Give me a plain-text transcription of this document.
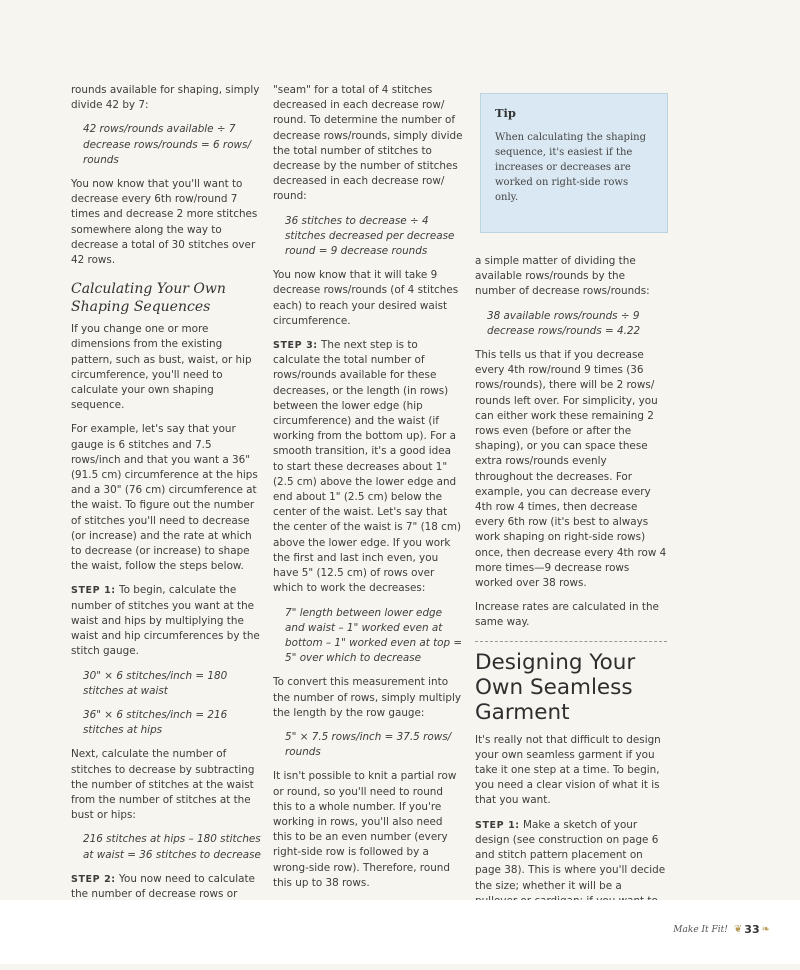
rounds available for shaping, simply divide 42 by 7:

42 rows/rounds available ÷ 7 decrease rows/rounds = 6 rows/ rounds

You now know that you'll want to decrease every 6th row/round 7 times and decrease 2 more stitches somewhere along the way to decrease a total of 30 stitches over 42 rows.

Calculating Your Own Shaping Sequences

If you change one or more dimensions from the existing pattern, such as bust, waist, or hip circumference, you'll need to calculate your own shaping sequence.

For example, let's say that your gauge is 6 stitches and 7.5 rows/inch and that you want a 36" (91.5 cm) circumference at the hips and a 30" (76 cm) circumference at the waist. To figure out the number of stitches you'll need to decrease (or increase) and the rate at which to decrease (or increase) to shape the waist, follow the steps below.

STEP 1: To begin, calculate the number of stitches you want at the waist and hips by multiplying the waist and hip circumferences by the stitch gauge.

30" × 6 stitches/inch = 180 stitches at waist

36" × 6 stitches/inch = 216 stitches at hips

Next, calculate the number of stitches to decrease by subtracting the number of stitches at the waist from the number of stitches at the bust or hips:

216 stitches at hips – 180 stitches at waist = 36 stitches to decrease

STEP 2: You now need to calculate the number of decrease rows or

"seam" for a total of 4 stitches decreased in each decrease row/ round. To determine the number of decrease rows/rounds, simply divide the total number of stitches to decrease by the number of stitches decreased in each decrease row/ round:

36 stitches to decrease ÷ 4 stitches decreased per decrease round = 9 decrease rounds

You now know that it will take 9 decrease rows/rounds (of 4 stitches each) to reach your desired waist circumference.

STEP 3: The next step is to calculate the total number of rows/rounds available for these decreases, or the length (in rows) between the lower edge (hip circumference) and the waist (if working from the bottom up). For a smooth transition, it's a good idea to start these decreases about 1" (2.5 cm) above the lower edge and end about 1" (2.5 cm) below the center of the waist. Let's say that the center of the waist is 7" (18 cm) above the lower edge. If you work the first and last inch even, you have 5" (12.5 cm) of rows over which to work the decreases:

7" length between lower edge and waist – 1" worked even at bottom – 1" worked even at top = 5" over which to decrease

To convert this measurement into the number of rows, simply multiply the length by the row gauge:

5" × 7.5 rows/inch = 37.5 rows/ rounds

It isn't possible to knit a partial row or round, so you'll need to round this to a whole number. If you're working in rows, you'll also need this to be an even number (every right-side row is followed by a wrong-side row). Therefore, round this up to 38 rows.

Tip
When calculating the shaping sequence, it's easiest if the increases or decreases are worked on right-side rows only.

a simple matter of dividing the available rows/rounds by the number of decrease rows/rounds:

38 available rows/rounds ÷ 9 decrease rows/rounds = 4.22

This tells us that if you decrease every 4th row/round 9 times (36 rows/rounds), there will be 2 rows/ rounds left over. For simplicity, you can either work these remaining 2 rows even (before or after the shaping), or you can space these extra rows/rounds evenly throughout the decreases. For example, you can decrease every 4th row 4 times, then decrease every 6th row (it's best to always work shaping on right-side rows) once, then decrease every 4th row 4 more times—9 decrease rows worked over 38 rows.

Increase rates are calculated in the same way.

Designing Your Own Seamless Garment

It's really not that difficult to design your own seamless garment if you take it one step at a time. To begin, you need a clear vision of what it is that you want.

STEP 1: Make a sketch of your design (see construction on page 6 and stitch pattern placement on page 38). This is where you'll decide the size; whether it will be a

Make It Fit! ❦ 33 ❧
